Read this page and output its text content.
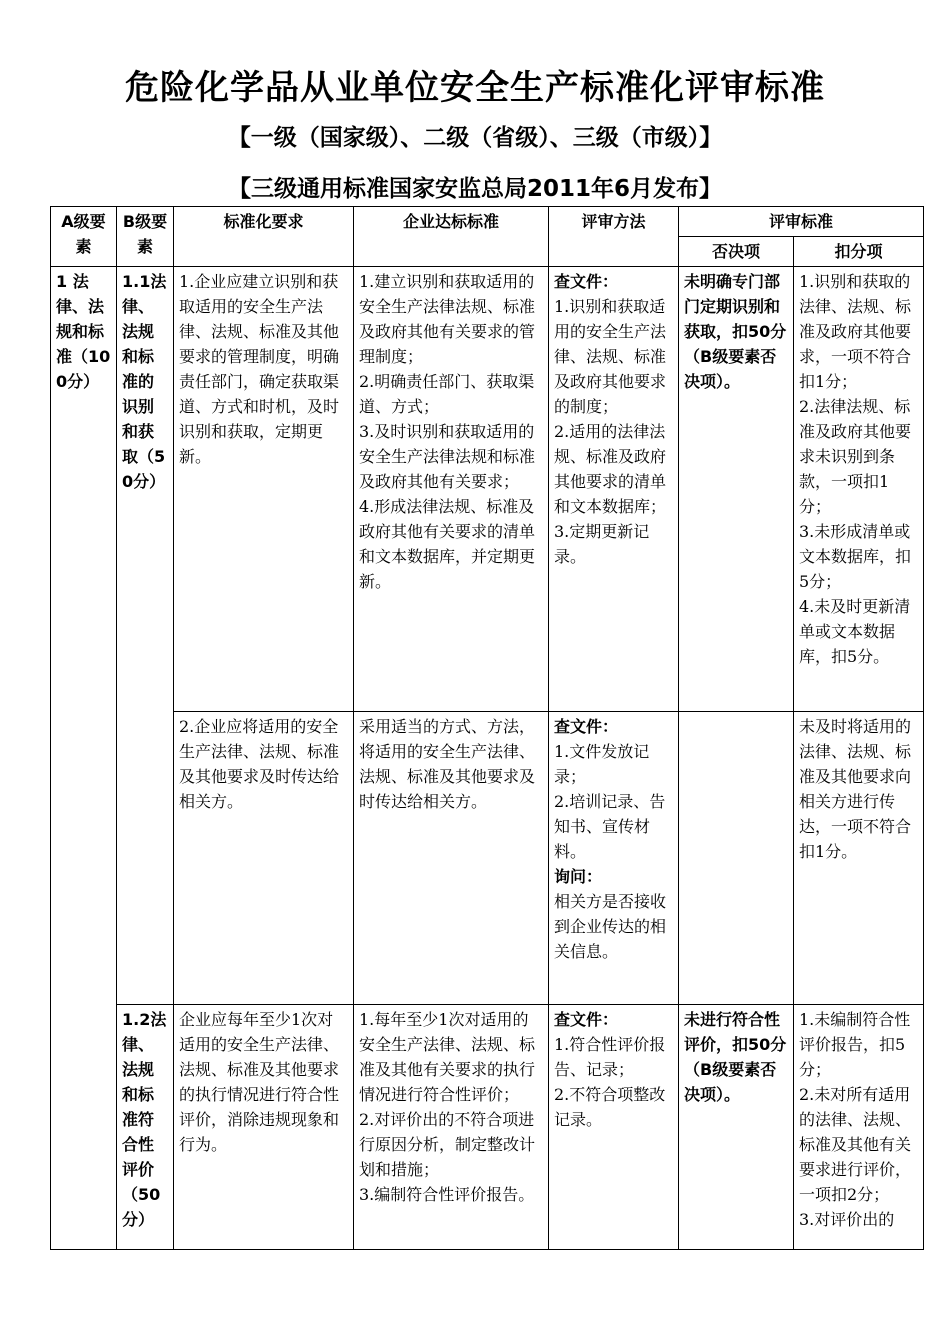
危险化学品从业单位安全生产标准化评审标准
【一级（国家级）、二级（省级）、三级（市级）】
【三级通用标准国家安监总局2011年6月发布】
A级要素	B级要素	标准化要求	企业达标标准	评审方法	评审标准	
					否决项	扣分项
1 法律、法规和标准（100分）	1.1法律、法规和标准的识别和获取（50分）	1.企业应建立识别和获取适用的安全生产法律、法规、标准及其他要求的管理制度，明确责任部门，确定获取渠道、方式和时机，及时识别和获取，定期更新。	1.建立识别和获取适用的安全生产法律法规、标准及政府其他有关要求的管理制度；
2.明确责任部门、获取渠道、方式；
3.及时识别和获取适用的安全生产法律法规和标准及政府其他有关要求；
4.形成法律法规、标准及政府其他有关要求的清单和文本数据库，并定期更新。	查文件：
1.识别和获取适用的安全生产法律、法规、标准及政府其他要求的制度；
2.适用的法律法规、标准及政府其他要求的清单和文本数据库；
3.定期更新记录。	未明确专门部门定期识别和获取，扣50分（B级要素否决项）。	1.识别和获取的法律、法规、标准及政府其他要求，一项不符合扣1分；
2.法律法规、标准及政府其他要求未识别到条款，一项扣1分；
3.未形成清单或文本数据库，扣5分；
4.未及时更新清单或文本数据库，扣5分。

		2.企业应将适用的安全生产法律、法规、标准及其他要求及时传达给相关方。	采用适当的方式、方法，将适用的安全生产法律、法规、标准及其他要求及时传达给相关方。	查文件：
1.文件发放记录；
2.培训记录、告知书、宣传材料。
询问：
相关方是否接收到企业传达的相关信息。		未及时将适用的法律、法规、标准及其他要求向相关方进行传达，一项不符合扣1分。
	1.2法律、法规和标准符合性评价（50分）	企业应每年至少1次对适用的安全生产法律、法规、标准及其他要求的执行情况进行符合性评价，消除违规现象和行为。	1.每年至少1次对适用的安全生产法律、法规、标准及其他有关要求的执行情况进行符合性评价；
2.对评价出的不符合项进行原因分析，制定整改计划和措施；
3.编制符合性评价报告。	查文件：
1.符合性评价报告、记录；
2.不符合项整改记录。	未进行符合性评价，扣50分（B级要素否决项）。	1.未编制符合性评价报告，扣5分；
2.未对所有适用的法律、法规、标准及其他有关要求进行评价，一项扣2分；
3.对评价出的
